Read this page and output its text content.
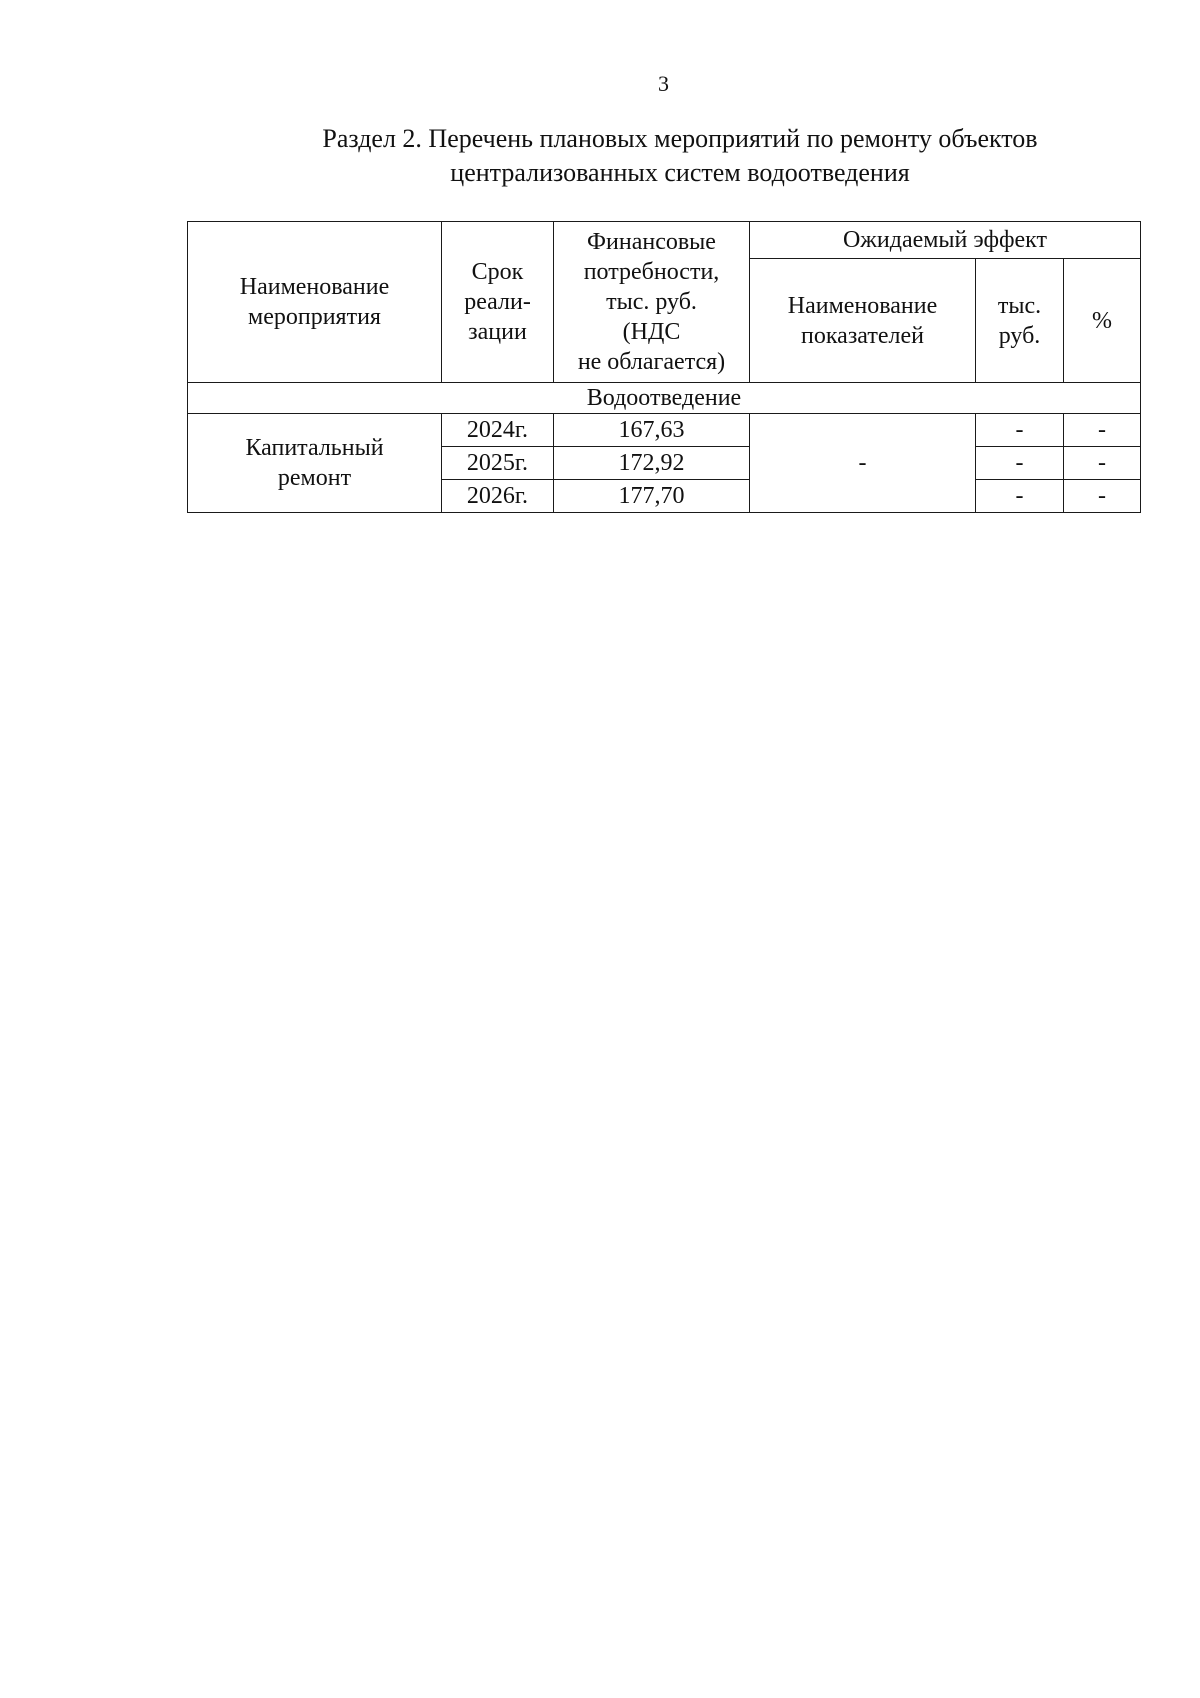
3
Раздел 2. Перечень плановых мероприятий по ремонту объектов
централизованных систем водоотведения
Наименование
мероприятия	Срок
реали-
зации	Финансовые
потребности,
тыс. руб.
(НДС
не облагается)	Ожидаемый эффект		

			Наименование
показателей	тыс.
руб.	%
Водоотведение					

Капитальный
ремонт	2024г.	167,63	-	-	-
	2025г.	172,92		-	-
	2026г.	177,70		-	-
